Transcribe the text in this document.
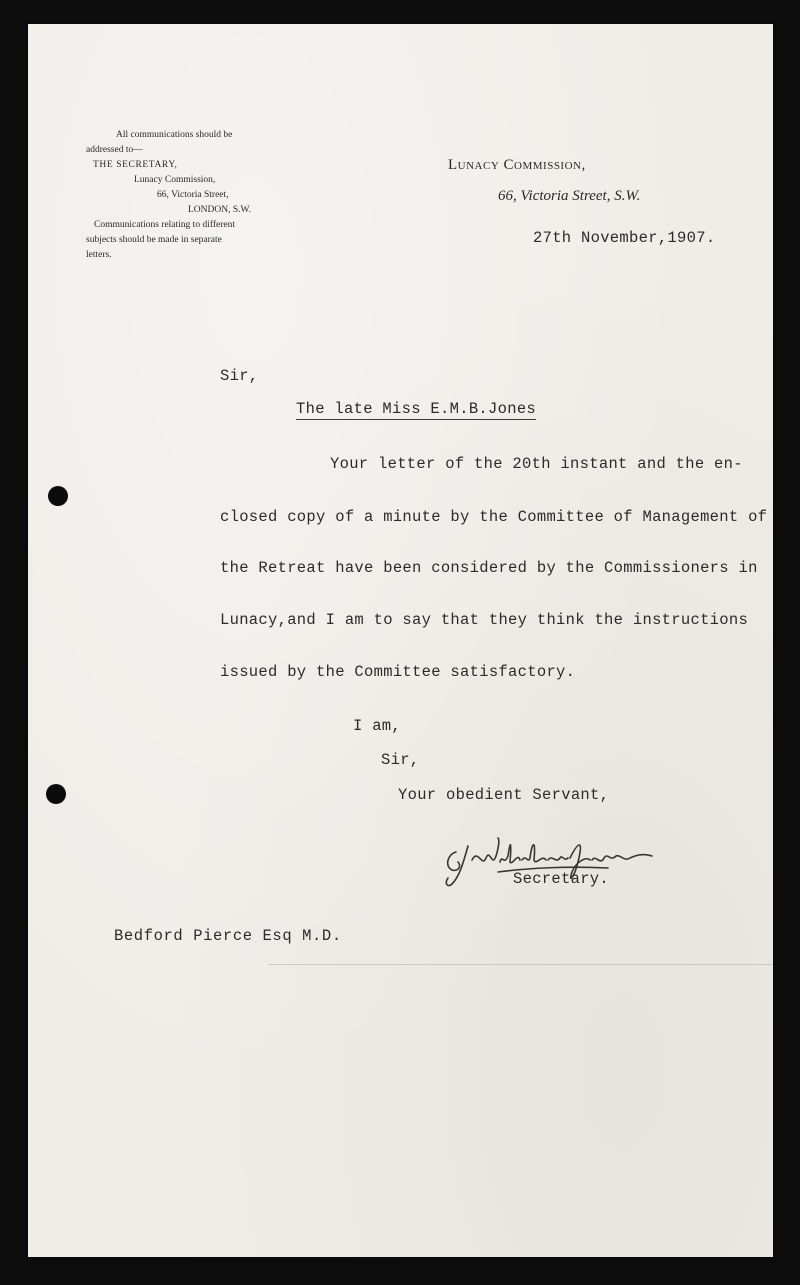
All communications should be
addressed to—
THE SECRETARY,
Lunacy Commission,
66, Victoria Street,
LONDON, S.W.
Communications relating to different
subjects should be made in separate
letters.
Lunacy Commission,
66, Victoria Street, S.W.
27th November,1907.
Sir,
The late Miss E.M.B.Jones
Your letter of the 20th instant and the en-
closed copy of a minute by the Committee of Management of
the Retreat have been considered by the Commissioners in
Lunacy,and I am to say that they think the instructions
issued by the Committee satisfactory.
I am,
Sir,
Your obedient Servant,
Secretary.
Bedford Pierce Esq M.D.
